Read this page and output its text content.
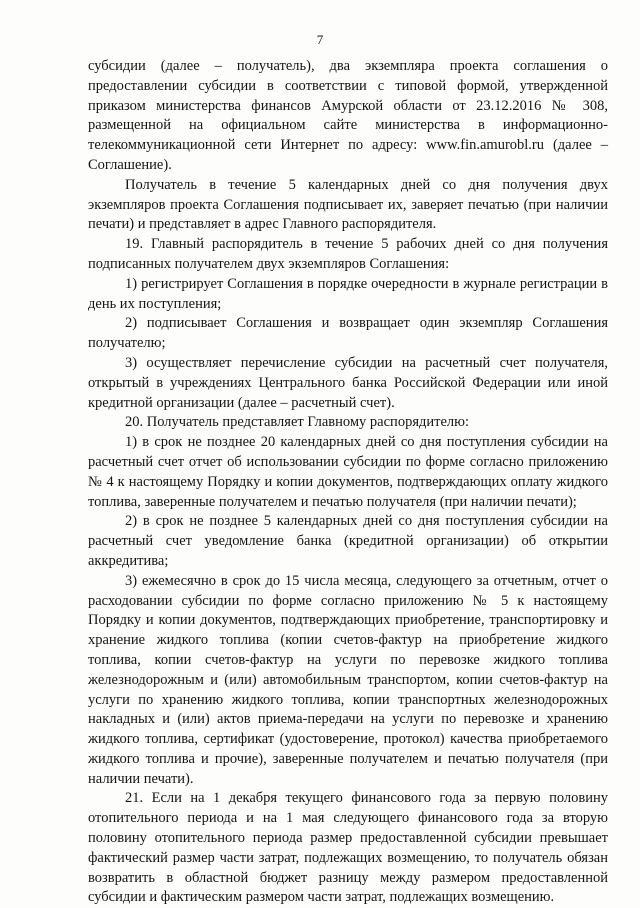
7

субсидии (далее – получатель), два экземпляра проекта соглашения о предоставлении субсидии в соответствии с типовой формой, утвержденной приказом министерства финансов Амурской области от 23.12.2016 № 308, размещенной на официальном сайте министерства в информационно-телекоммуникационной сети Интернет по адресу: www.fin.amurobl.ru (далее – Соглашение).

Получатель в течение 5 календарных дней со дня получения двух экземпляров проекта Соглашения подписывает их, заверяет печатью (при наличии печати) и представляет в адрес Главного распорядителя.

19. Главный распорядитель в течение 5 рабочих дней со дня получения подписанных получателем двух экземпляров Соглашения:

1) регистрирует Соглашения в порядке очередности в журнале регистрации в день их поступления;

2) подписывает Соглашения и возвращает один экземпляр Соглашения получателю;

3) осуществляет перечисление субсидии на расчетный счет получателя, открытый в учреждениях Центрального банка Российской Федерации или иной кредитной организации (далее – расчетный счет).

20. Получатель представляет Главному распорядителю:

1) в срок не позднее 20 календарных дней со дня поступления субсидии на расчетный счет отчет об использовании субсидии по форме согласно приложению № 4 к настоящему Порядку и копии документов, подтверждающих оплату жидкого топлива, заверенные получателем и печатью получателя (при наличии печати);

2) в срок не позднее 5 календарных дней со дня поступления субсидии на расчетный счет уведомление банка (кредитной организации) об открытии аккредитива;

3) ежемесячно в срок до 15 числа месяца, следующего за отчетным, отчет о расходовании субсидии по форме согласно приложению № 5 к настоящему Порядку и копии документов, подтверждающих приобретение, транспортировку и хранение жидкого топлива (копии счетов-фактур на приобретение жидкого топлива, копии счетов-фактур на услуги по перевозке жидкого топлива железнодорожным и (или) автомобильным транспортом, копии счетов-фактур на услуги по хранению жидкого топлива, копии транспортных железнодорожных накладных и (или) актов приема-передачи на услуги по перевозке и хранению жидкого топлива, сертификат (удостоверение, протокол) качества приобретаемого жидкого топлива и прочие), заверенные получателем и печатью получателя (при наличии печати).

21. Если на 1 декабря текущего финансового года за первую половину отопительного периода и на 1 мая следующего финансового года за вторую половину отопительного периода размер предоставленной субсидии превышает фактический размер части затрат, подлежащих возмещению, то получатель обязан возвратить в областной бюджет разницу между размером предоставленной субсидии и фактическим размером части затрат, подлежащих возмещению.
